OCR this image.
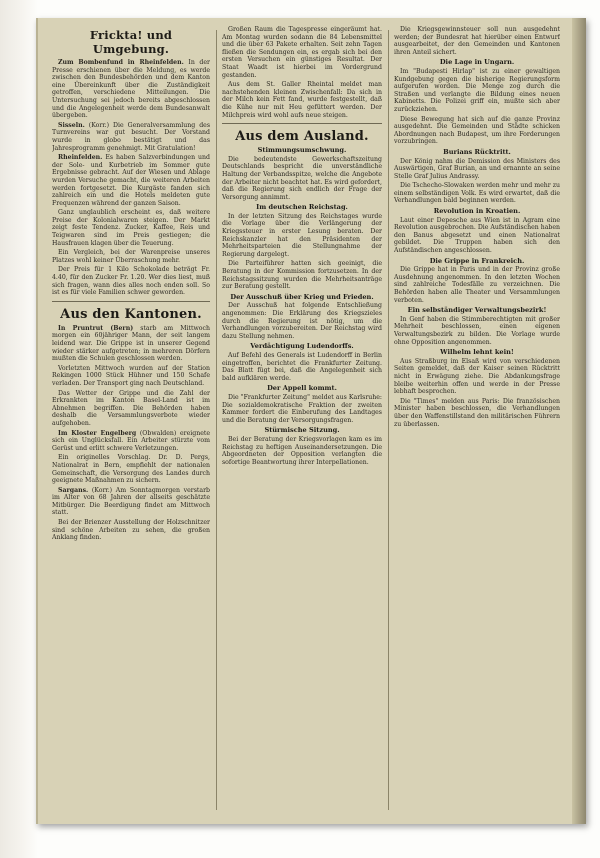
Frickta! und Umgebung.

Zum Bombenfund in Rheinfelden. In der Presse erschienen über die Meldung, es werde zwischen den Bundesbehörden und dem Kanton eine Übereinkunft über die Zuständigkeit getroffen, verschiedene Mitteilungen. Die Untersuchung sei jedoch bereits abgeschlossen und die Angelegenheit werde dem Bundesanwalt übergeben.

Sisseln. (Korr.) Die Generalversammlung des Turnvereins war gut besucht. Der Vorstand wurde in globo bestätigt und das Jahresprogramm genehmigt. Mit Gratulation!

Rheinfelden. Es haben Salzverbindungen und der Sole- und Kurbetrieb im Sommer gute Ergebnisse gebracht. Auf der Wiesen und Ablage wurden Versuche gemacht, die weiteren Arbeiten werden fortgesetzt. Die Kurgäste fanden sich zahlreich ein und die Hotels meldeten gute Frequenzen während der ganzen Saison.

Ganz unglaublich erscheint es, daß weitere Preise der Kolonialwaren steigen. Der Markt zeigt feste Tendenz. Zucker, Kaffee, Reis und Teigwaren sind im Preis gestiegen; die Hausfrauen klagen über die Teuerung.

Ein Vergleich, bei der Warenpreise unseres Platzes wohl keiner Überraschung mehr.

Der Preis für 1 Kilo Schokolade beträgt Fr. 4.40, für den Zucker Fr. 1.20. Wer dies liest, muß sich fragen, wann dies alles noch enden soll. So ist es für viele Familien schwer geworden.

Aus den Kantonen.

In Pruntrut (Bern) starb am Mittwoch morgen ein 60jähriger Mann, der seit langem leidend war. Die Grippe ist in unserer Gegend wieder stärker aufgetreten; in mehreren Dörfern mußten die Schulen geschlossen werden.

Vorletzten Mittwoch wurden auf der Station Rekingen 1000 Stück Hühner und 150 Schafe verladen. Der Transport ging nach Deutschland.

Das Wetter der Grippe und die Zahl der Erkrankten im Kanton Basel-Land ist im Abnehmen begriffen. Die Behörden haben deshalb die Versammlungsverbote wieder aufgehoben.

Im Kloster Engelberg (Obwalden) ereignete sich ein Unglücksfall. Ein Arbeiter stürzte vom Gerüst und erlitt schwere Verletzungen.

Ein originelles Vorschlag. Dr. D. Pergs, Nationalrat in Bern, empfiehlt der nationalen Gemeinschaft, die Versorgung des Landes durch geeignete Maßnahmen zu sichern.

Sargans. (Korr.) Am Sonntagmorgen verstarb im Alter von 68 Jahren der allseits geschätzte Mitbürger. Die Beerdigung findet am Mittwoch statt.

Bei der Brienzer Ausstellung der Holzschnitzer sind schöne Arbeiten zu sehen, die großen Anklang finden.

Großen Raum die Tagespresse eingeräumt hat. Am Montag wurden sodann die 84 Lebensmittel und die über 63 Pakete erhalten. Seit zehn Tagen fließen die Sendungen ein, es ergab sich bei den ersten Versuchen ein günstiges Resultat. Der Staat Waadt ist hierbei im Vordergrund gestanden.

Aus dem St. Galler Rheintal meldet man nachstehenden kleinen Zwischenfall: Da sich in der Milch kein Fett fand, wurde festgestellt, daß die Kühe nur mit Heu gefüttert werden. Der Milchpreis wird wohl aufs neue steigen.

Aus dem Ausland.
Stimmungsumschwung.

Die bedeutendste Gewerkschaftszeitung Deutschlands bespricht die unverständliche Haltung der Verbandsspitze, welche die Angebote der Arbeiter nicht beachtet hat. Es wird gefordert, daß die Regierung sich endlich der Frage der Versorgung annimmt.

Im deutschen Reichstag.

In der letzten Sitzung des Reichstages wurde die Vorlage über die Verlängerung der Kriegssteuer in erster Lesung beraten. Der Reichskanzler hat den Präsidenten der Mehrheitsparteien die Stellungnahme der Regierung dargelegt.

Die Parteiführer hatten sich geeinigt, die Beratung in der Kommission fortzusetzen. In der Reichstagssitzung wurden die Mehrheitsanträge zur Beratung gestellt.

Der Ausschuß über Krieg und Frieden.

Der Ausschuß hat folgende Entschließung angenommen: Die Erklärung des Kriegszieles durch die Regierung ist nötig, um die Verhandlungen vorzubereiten. Der Reichstag wird dazu Stellung nehmen.

Verdächtigung Ludendorffs.

Auf Befehl des Generals ist Ludendorff in Berlin eingetroffen, berichtet die Frankfurter Zeitung. Das Blatt fügt bei, daß die Angelegenheit sich bald aufklären werde.

Der Appell kommt.

Die "Frankfurter Zeitung" meldet aus Karlsruhe: Die sozialdemokratische Fraktion der zweiten Kammer fordert die Einberufung des Landtages und die Beratung der Versorgungsfragen.

Stürmische Sitzung.

Bei der Beratung der Kriegsvorlagen kam es im Reichstag zu heftigen Auseinandersetzungen. Die Abgeordneten der Opposition verlangten die sofortige Beantwortung ihrer Interpellationen.

Die Kriegsgewinnsteuer soll nun ausgedehnt werden; der Bundesrat hat hierüber einen Entwurf ausgearbeitet, der den Gemeinden und Kantonen ihren Anteil sichert.

Die Lage in Ungarn.

Im "Budapesti Hirlap" ist zu einer gewaltigen Kundgebung gegen die bisherige Regierungsform aufgerufen worden. Die Menge zog durch die Straßen und verlangte die Bildung eines neuen Kabinetts. Die Polizei griff ein, mußte sich aber zurückziehen.

Diese Bewegung hat sich auf die ganze Provinz ausgedehnt. Die Gemeinden und Städte schicken Abordnungen nach Budapest, um ihre Forderungen vorzubringen.

Burians Rücktritt.

Der König nahm die Demission des Ministers des Auswärtigen, Graf Burian, an und ernannte an seine Stelle Graf Julius Andrassy.

Die Tschecho-Slowaken werden mehr und mehr zu einem selbständigen Volk. Es wird erwartet, daß die Verhandlungen bald beginnen werden.

Revolution in Kroatien.

Laut einer Depesche aus Wien ist in Agram eine Revolution ausgebrochen. Die Aufständischen haben den Banus abgesetzt und einen Nationalrat gebildet. Die Truppen haben sich den Aufständischen angeschlossen.

Die Grippe in Frankreich.

Die Grippe hat in Paris und in der Provinz große Ausdehnung angenommen. In den letzten Wochen sind zahlreiche Todesfälle zu verzeichnen. Die Behörden haben alle Theater und Versammlungen verboten.

Ein selbständiger Verwaltungsbezirk!

In Genf haben die Stimmberechtigten mit großer Mehrheit beschlossen, einen eigenen Verwaltungsbezirk zu bilden. Die Vorlage wurde ohne Opposition angenommen.

Wilhelm lehnt kein!

Aus Straßburg im Elsaß wird von verschiedenen Seiten gemeldet, daß der Kaiser seinen Rücktritt nicht in Erwägung ziehe. Die Abdankungsfrage bleibe weiterhin offen und werde in der Presse lebhaft besprochen.

Die "Times" melden aus Paris: Die französischen Minister haben beschlossen, die Verhandlungen über den Waffenstillstand den militärischen Führern zu überlassen.
